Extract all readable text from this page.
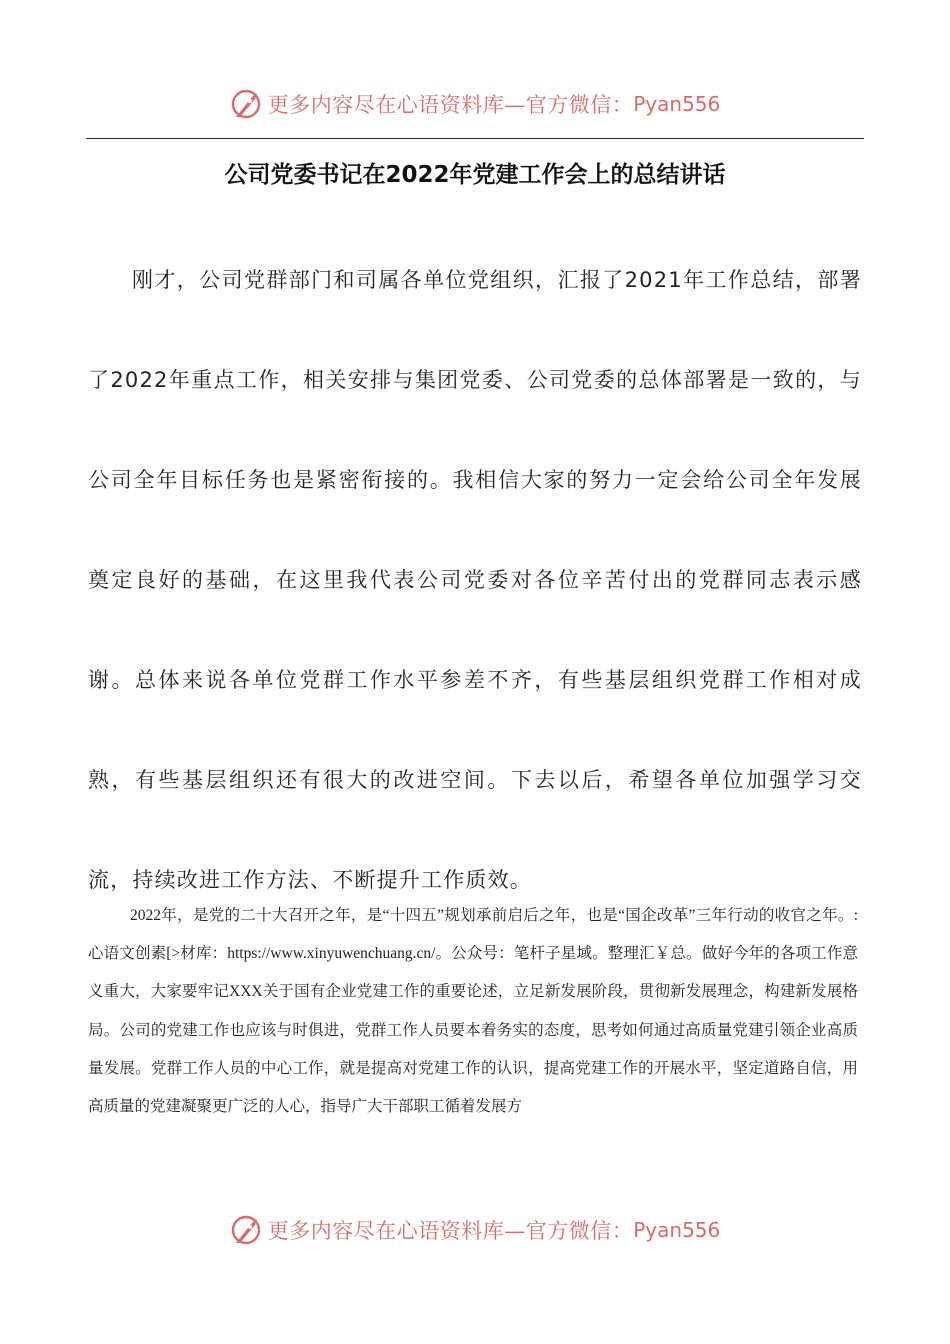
更多内容尽在心语资料库—官方微信： Pyan556
公司党委书记在2022年党建工作会上的总结讲话

刚才，公司党群部门和司属各单位党组织，汇报了2021年工作总结，部署了2022年重点工作，相关安排与集团党委、公司党委的总体部署是一致的，与公司全年目标任务也是紧密衔接的。我相信大家的努力一定会给公司全年发展奠定良好的基础，在这里我代表公司党委对各位辛苦付出的党群同志表示感谢。总体来说各单位党群工作水平参差不齐，有些基层组织党群工作相对成熟，有些基层组织还有很大的改进空间。下去以后，希望各单位加强学习交流，持续改进工作方法、不断提升工作质效。

2022年，是党的二十大召开之年，是“十四五”规划承前启后之年，也是“国企改革”三年行动的收官之年。:心语文创素[>材库：https://www.xinyuwenchuang.cn/。公众号：笔杆子星域。整理汇￥总。做好今年的各项工作意义重大，大家要牢记XXX关于国有企业党建工作的重要论述，立足新发展阶段，贯彻新发展理念，构建新发展格局。公司的党建工作也应该与时俱进，党群工作人员要本着务实的态度，思考如何通过高质量党建引领企业高质量发展。党群工作人员的中心工作，就是提高对党建工作的认识，提高党建工作的开展水平，坚定道路自信，用高质量的党建凝聚更广泛的人心，指导广大干部职工循着发展方

更多内容尽在心语资料库—官方微信： Pyan556
